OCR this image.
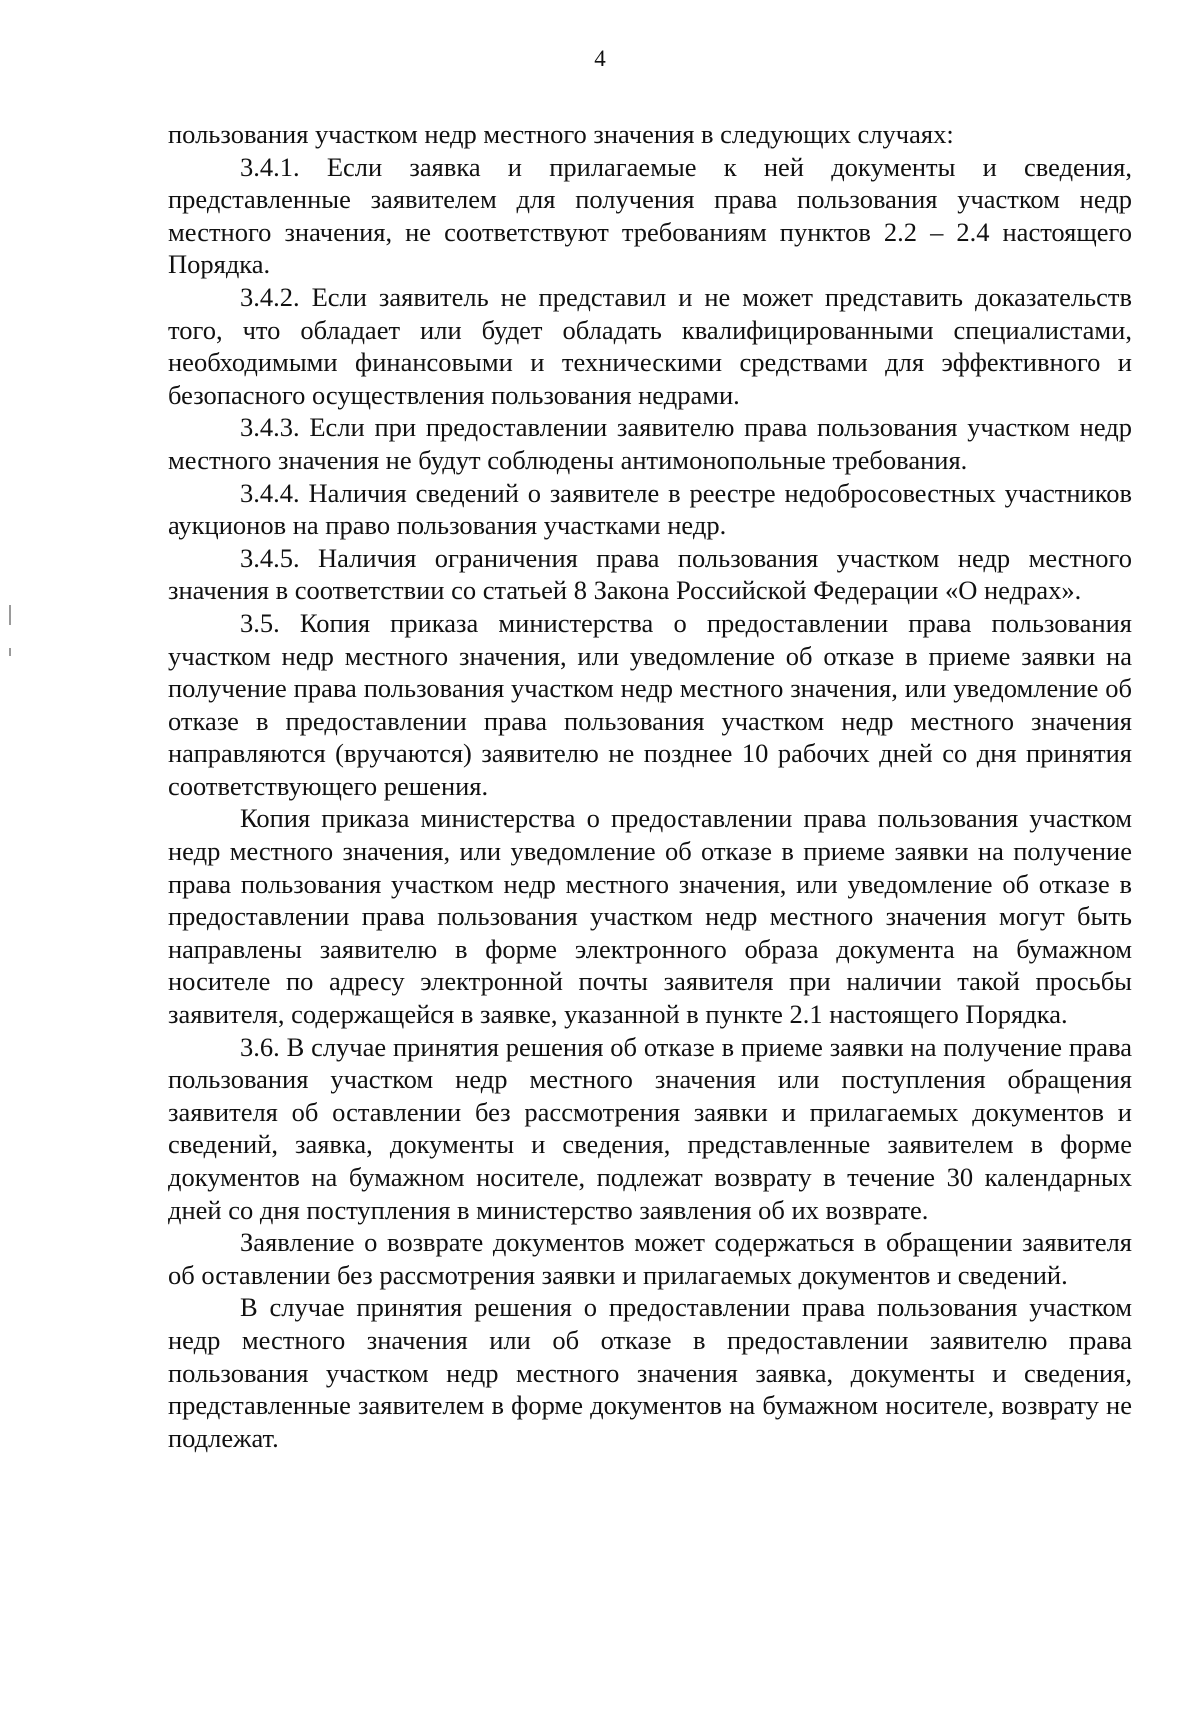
4

пользования участком недр местного значения в следующих случаях:

3.4.1. Если заявка и прилагаемые к ней документы и сведения, представленные заявителем для получения права пользования участком недр местного значения, не соответствуют требованиям пунктов 2.2 – 2.4 настоящего Порядка.

3.4.2. Если заявитель не представил и не может представить доказательств того, что обладает или будет обладать квалифицированными специалистами, необходимыми финансовыми и техническими средствами для эффективного и безопасного осуществления пользования недрами.

3.4.3. Если при предоставлении заявителю права пользования участком недр местного значения не будут соблюдены антимонопольные требования.

3.4.4. Наличия сведений о заявителе в реестре недобросовестных участников аукционов на право пользования участками недр.

3.4.5. Наличия ограничения права пользования участком недр местного значения в соответствии со статьей 8 Закона Российской Федерации «О недрах».

3.5. Копия приказа министерства о предоставлении права пользования участком недр местного значения, или уведомление об отказе в приеме заявки на получение права пользования участком недр местного значения, или уведомление об отказе в предоставлении права пользования участком недр местного значения направляются (вручаются) заявителю не позднее 10 рабочих дней со дня принятия соответствующего решения.

Копия приказа министерства о предоставлении права пользования участком недр местного значения, или уведомление об отказе в приеме заявки на получение права пользования участком недр местного значения, или уведомление об отказе в предоставлении права пользования участком недр местного значения могут быть направлены заявителю в форме электронного образа документа на бумажном носителе по адресу электронной почты заявителя при наличии такой просьбы заявителя, содержащейся в заявке, указанной в пункте 2.1 настоящего Порядка.

3.6. В случае принятия решения об отказе в приеме заявки на получение права пользования участком недр местного значения или поступления обращения заявителя об оставлении без рассмотрения заявки и прилагаемых документов и сведений, заявка, документы и сведения, представленные заявителем в форме документов на бумажном носителе, подлежат возврату в течение 30 календарных дней со дня поступления в министерство заявления об их возврате.

Заявление о возврате документов может содержаться в обращении заявителя об оставлении без рассмотрения заявки и прилагаемых документов и сведений.

В случае принятия решения о предоставлении права пользования участком недр местного значения или об отказе в предоставлении заявителю права пользования участком недр местного значения заявка, документы и сведения, представленные заявителем в форме документов на бумажном носителе, возврату не подлежат.
